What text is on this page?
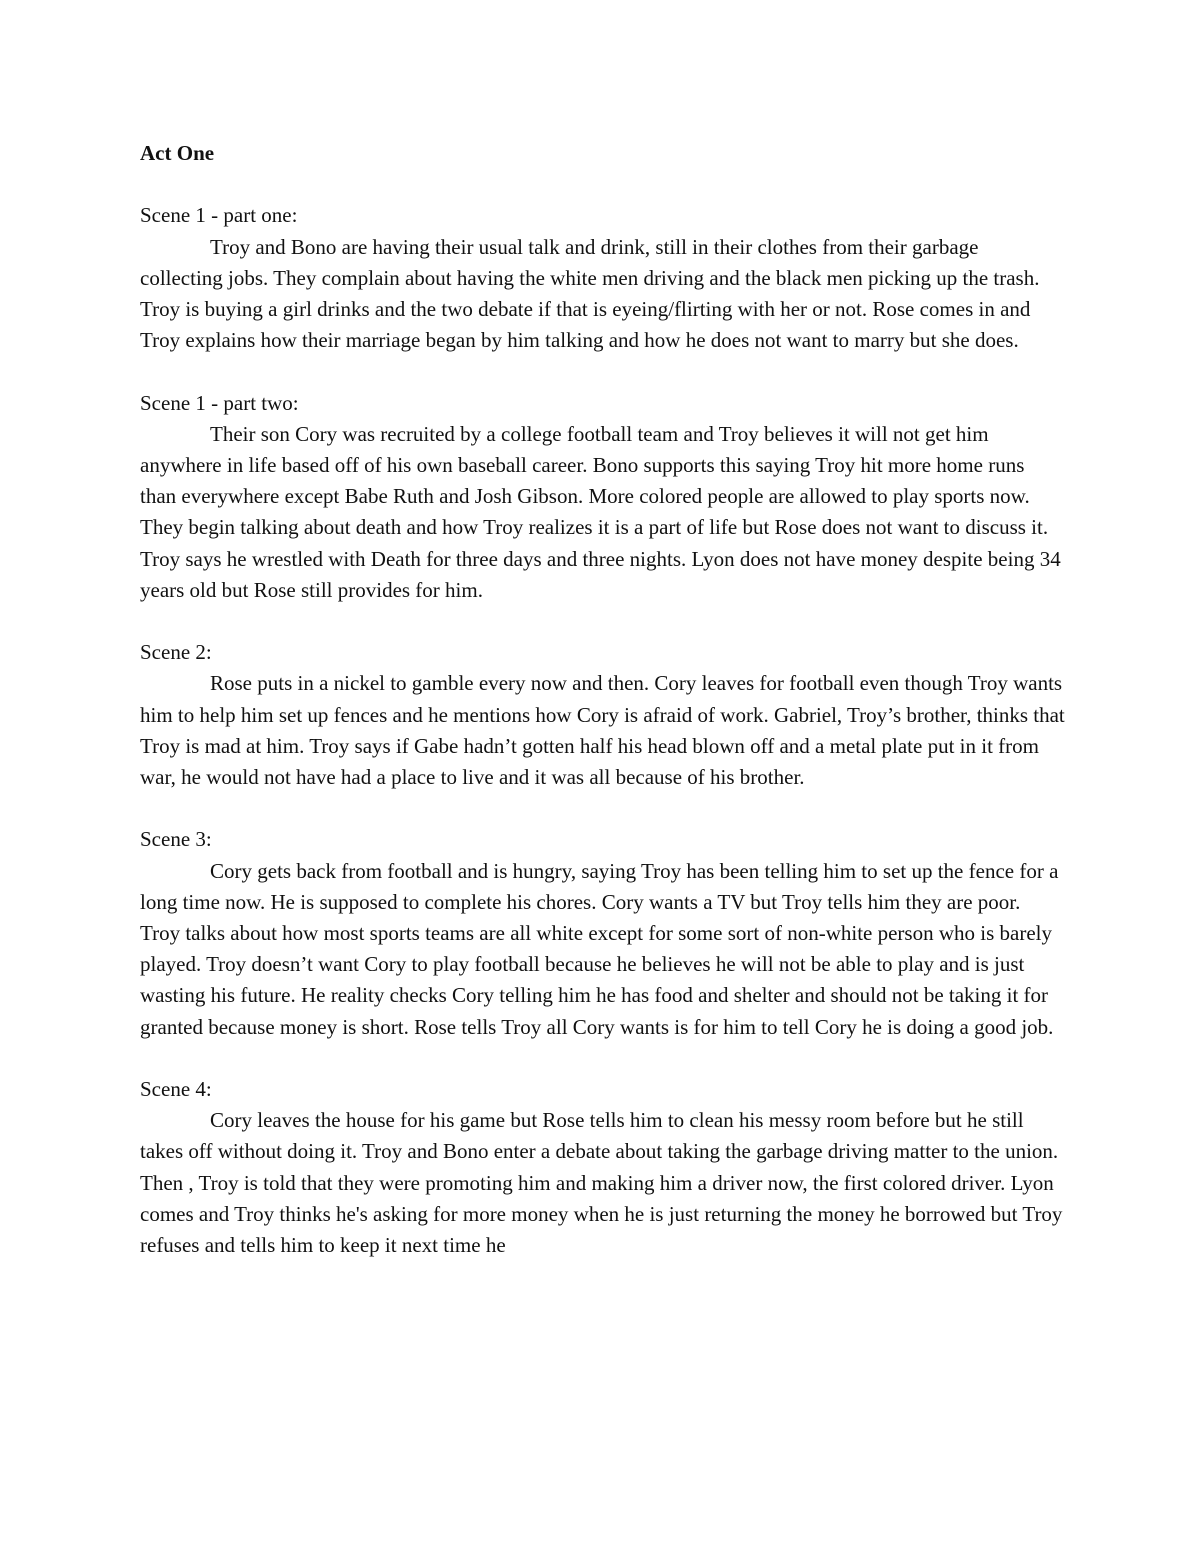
Act One
Scene 1 - part one:
Troy and Bono are having their usual talk and drink, still in their clothes from their garbage collecting jobs. They complain about having the white men driving and the black men picking up the trash. Troy is buying a girl drinks and the two debate if that is eyeing/flirting with her or not. Rose comes in and Troy explains how their marriage began by him talking and how he does not want to marry but she does.
Scene 1 - part two:
Their son Cory was recruited by a college football team and Troy believes it will not get him anywhere in life based off of his own baseball career. Bono supports this saying Troy hit more home runs than everywhere except Babe Ruth and Josh Gibson. More colored people are allowed to play sports now. They begin talking about death and how Troy realizes it is a part of life but Rose does not want to discuss it. Troy says he wrestled with Death for three days and three nights. Lyon does not have money despite being 34 years old but Rose still provides for him.
Scene 2:
Rose puts in a nickel to gamble every now and then. Cory leaves for football even though Troy wants him to help him set up fences and he mentions how Cory is afraid of work. Gabriel, Troy’s brother, thinks that Troy is mad at him. Troy says if Gabe hadn’t gotten half his head blown off and a metal plate put in it from war, he would not have had a place to live and it was all because of his brother.
Scene 3:
Cory gets back from football and is hungry, saying Troy has been telling him to set up the fence for a long time now. He is supposed to complete his chores. Cory wants a TV but Troy tells him they are poor. Troy talks about how most sports teams are all white except for some sort of non-white person who is barely played. Troy doesn’t want Cory to play football because he believes he will not be able to play and is just wasting his future. He reality checks Cory telling him he has food and shelter and should not be taking it for granted because money is short. Rose tells Troy all Cory wants is for him to tell Cory he is doing a good job.
Scene 4:
Cory leaves the house for his game but Rose tells him to clean his messy room before but he still takes off without doing it. Troy and Bono enter a debate about taking the garbage driving matter to the union. Then , Troy is told that they were promoting him and making him a driver now, the first colored driver. Lyon comes and Troy thinks he's asking for more money when he is just returning the money he borrowed but Troy refuses and tells him to keep it next time he
